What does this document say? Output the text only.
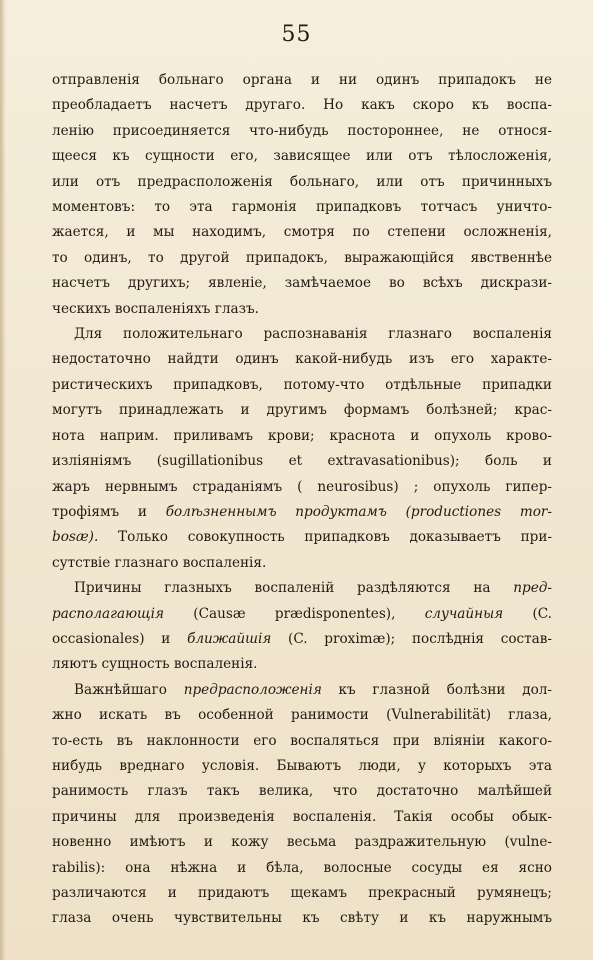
55

отправленія больнаго органа и ни одинъ припадокъ не
преобладаетъ насчетъ другаго. Но какъ скоро къ воспа-
ленію присоединяется что-нибудь постороннее, не относя-
щееся къ сущности его, зависящее или отъ тѣлосложенія,
или отъ предрасположенія больнаго, или отъ причинныхъ
моментовъ: то эта гармонія припадковъ тотчасъ уничто-
жается, и мы находимъ, смотря по степени осложненія,
то одинъ, то другой припадокъ, выражающійся явственнѣе
насчетъ другихъ; явленіе, замѣчаемое во всѣхъ дискрази-
ческихъ воспаленіяхъ глазъ.

Для положительнаго распознаванія глазнаго воспаленія
недостаточно найдти одинъ какой-нибудь изъ его характе-
ристическихъ припадковъ, потому-что отдѣльные припадки
могутъ принадлежать и другимъ формамъ болѣзней; крас-
нота наприм. приливамъ крови; краснота и опухоль крово-
изліяніямъ (sugillationibus et extravasationibus); боль и
жаръ нервнымъ страданіямъ ( neurosibus) ; опухоль гипер-
трофіямъ и болѣзненнымъ продуктамъ (productiones mor-
bosæ). Только совокупность припадковъ доказываетъ при-
сутствіе глазнаго воспаленія.

Причины глазныхъ воспаленій раздѣляются на пред-
располагающія (Causæ prædisponentes), случайныя (C.
occasionales) и ближайшія (C. proximæ); послѣднія состав-
ляютъ сущность воспаленія.

Важнѣйшаго предрасположенія къ глазной болѣзни дол-
жно искать въ особенной ранимости (Vulnerabilität) глаза,
то-есть въ наклонности его воспаляться при вліяніи какого-
нибудь вреднаго условія. Бываютъ люди, у которыхъ эта
ранимость глазъ такъ велика, что достаточно малѣйшей
причины для произведенія воспаленія. Такія особы обык-
новенно имѣютъ и кожу весьма раздражительную (vulne-
rabilis): она нѣжна и бѣла, волосные сосуды ея ясно
различаются и придаютъ щекамъ прекрасный румянецъ;
глаза очень чувствительны къ свѣту и къ наружнымъ
